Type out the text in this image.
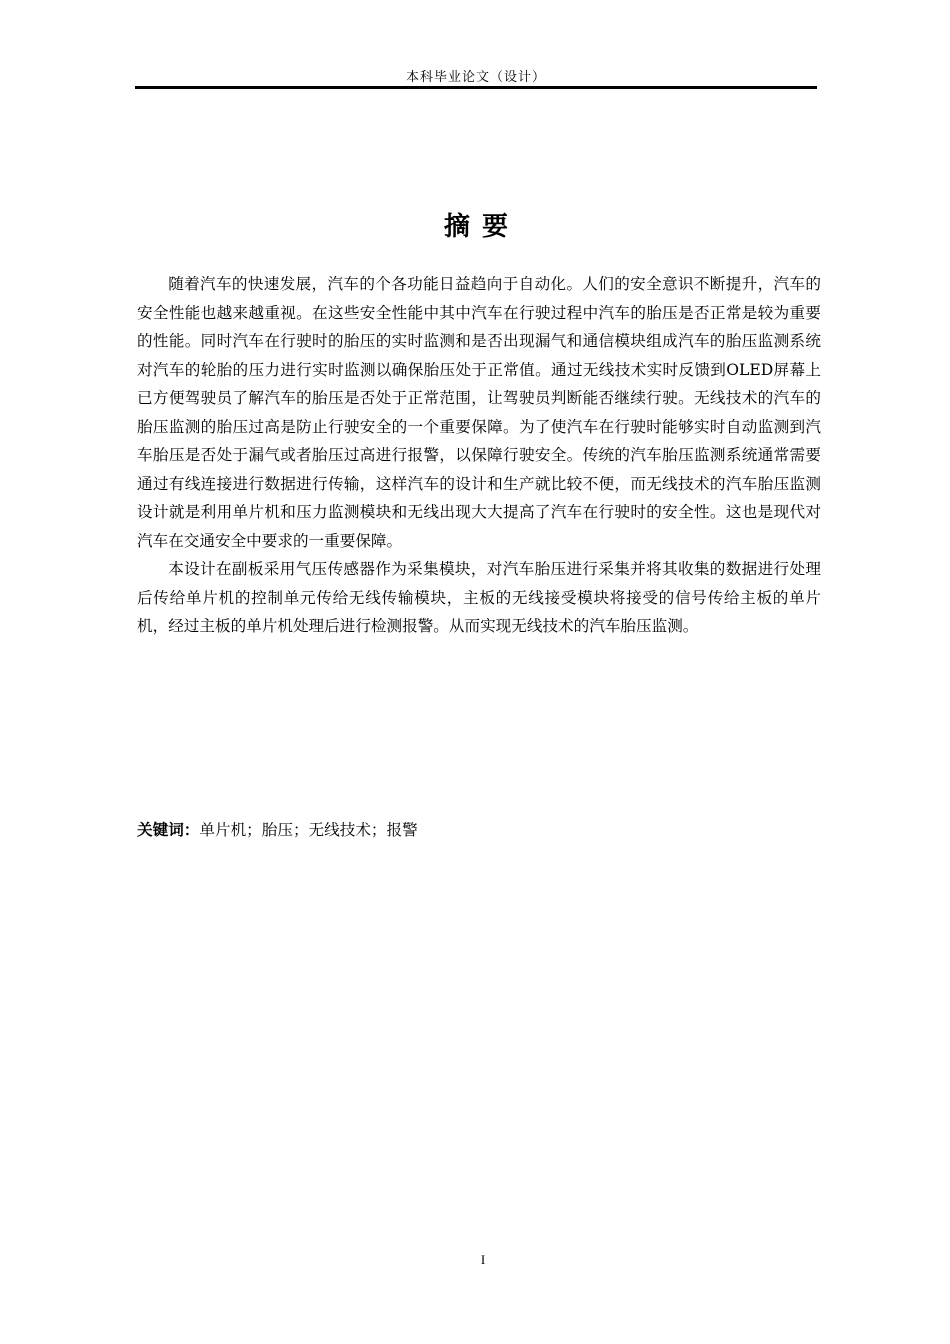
本科毕业论文（设计）
摘要

随着汽车的快速发展，汽车的个各功能日益趋向于自动化。人们的安全意识不断提升，汽车的安全性能也越来越重视。在这些安全性能中其中汽车在行驶过程中汽车的胎压是否正常是较为重要的性能。同时汽车在行驶时的胎压的实时监测和是否出现漏气和通信模块组成汽车的胎压监测系统对汽车的轮胎的压力进行实时监测以确保胎压处于正常值。通过无线技术实时反馈到OLED屏幕上已方便驾驶员了解汽车的胎压是否处于正常范围，让驾驶员判断能否继续行驶。无线技术的汽车的胎压监测的胎压过高是防止行驶安全的一个重要保障。为了使汽车在行驶时能够实时自动监测到汽车胎压是否处于漏气或者胎压过高进行报警，以保障行驶安全。传统的汽车胎压监测系统通常需要通过有线连接进行数据进行传输，这样汽车的设计和生产就比较不便，而无线技术的汽车胎压监测设计就是利用单片机和压力监测模块和无线出现大大提高了汽车在行驶时的安全性。这也是现代对汽车在交通安全中要求的一重要保障。

本设计在副板采用气压传感器作为采集模块，对汽车胎压进行采集并将其收集的数据进行处理后传给单片机的控制单元传给无线传输模块，主板的无线接受模块将接受的信号传给主板的单片机，经过主板的单片机处理后进行检测报警。从而实现无线技术的汽车胎压监测。

关键词：单片机；胎压；无线技术；报警
I
